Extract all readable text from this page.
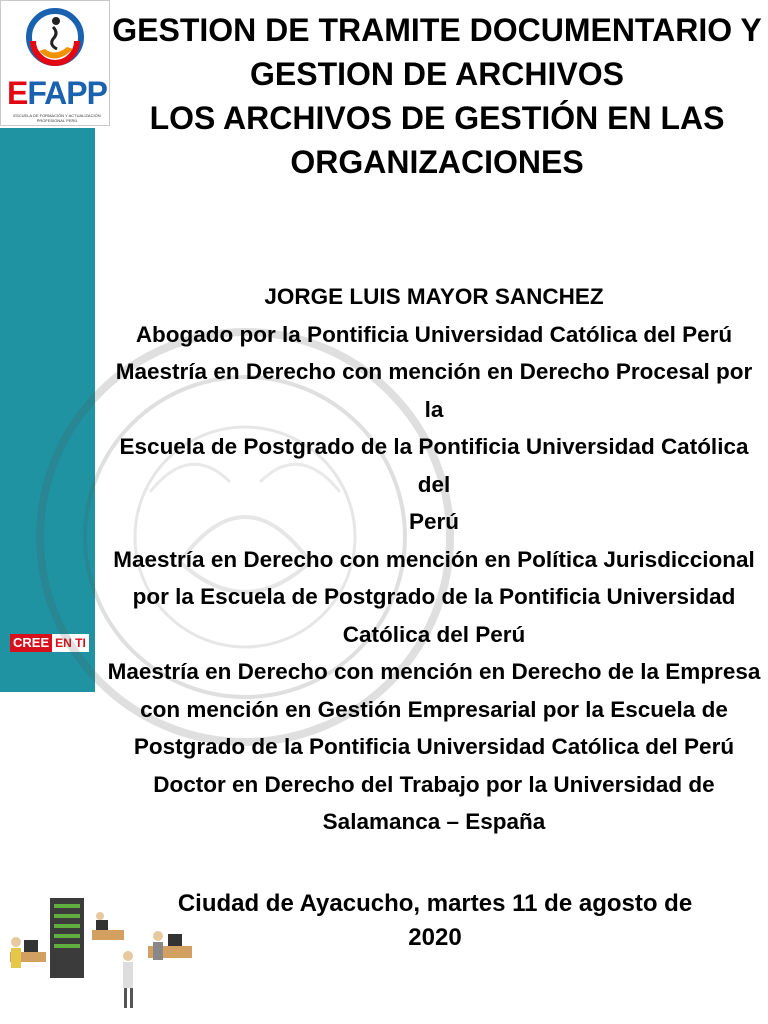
EFAPP
ESCUELA DE FORMACIÓN Y ACTUALIZACIÓN PROFESIONAL PERÚ
CREE EN TI
GESTION DE TRAMITE DOCUMENTARIO Y
GESTION DE ARCHIVOS
LOS ARCHIVOS DE GESTIÓN EN LAS
ORGANIZACIONES
JORGE LUIS MAYOR SANCHEZ
Abogado por la Pontificia Universidad Católica del Perú
Maestría en Derecho con mención en Derecho Procesal por la
Escuela de Postgrado de la Pontificia Universidad Católica del
Perú
Maestría en Derecho con mención en Política Jurisdiccional
por la Escuela de Postgrado de la Pontificia Universidad
Católica del Perú
Maestría en Derecho con mención en Derecho de la Empresa
con mención en Gestión Empresarial por la Escuela de
Postgrado de la Pontificia Universidad Católica del Perú
Doctor en Derecho del Trabajo por la Universidad de
Salamanca – España
Ciudad de Ayacucho, martes 11 de agosto de 2020
